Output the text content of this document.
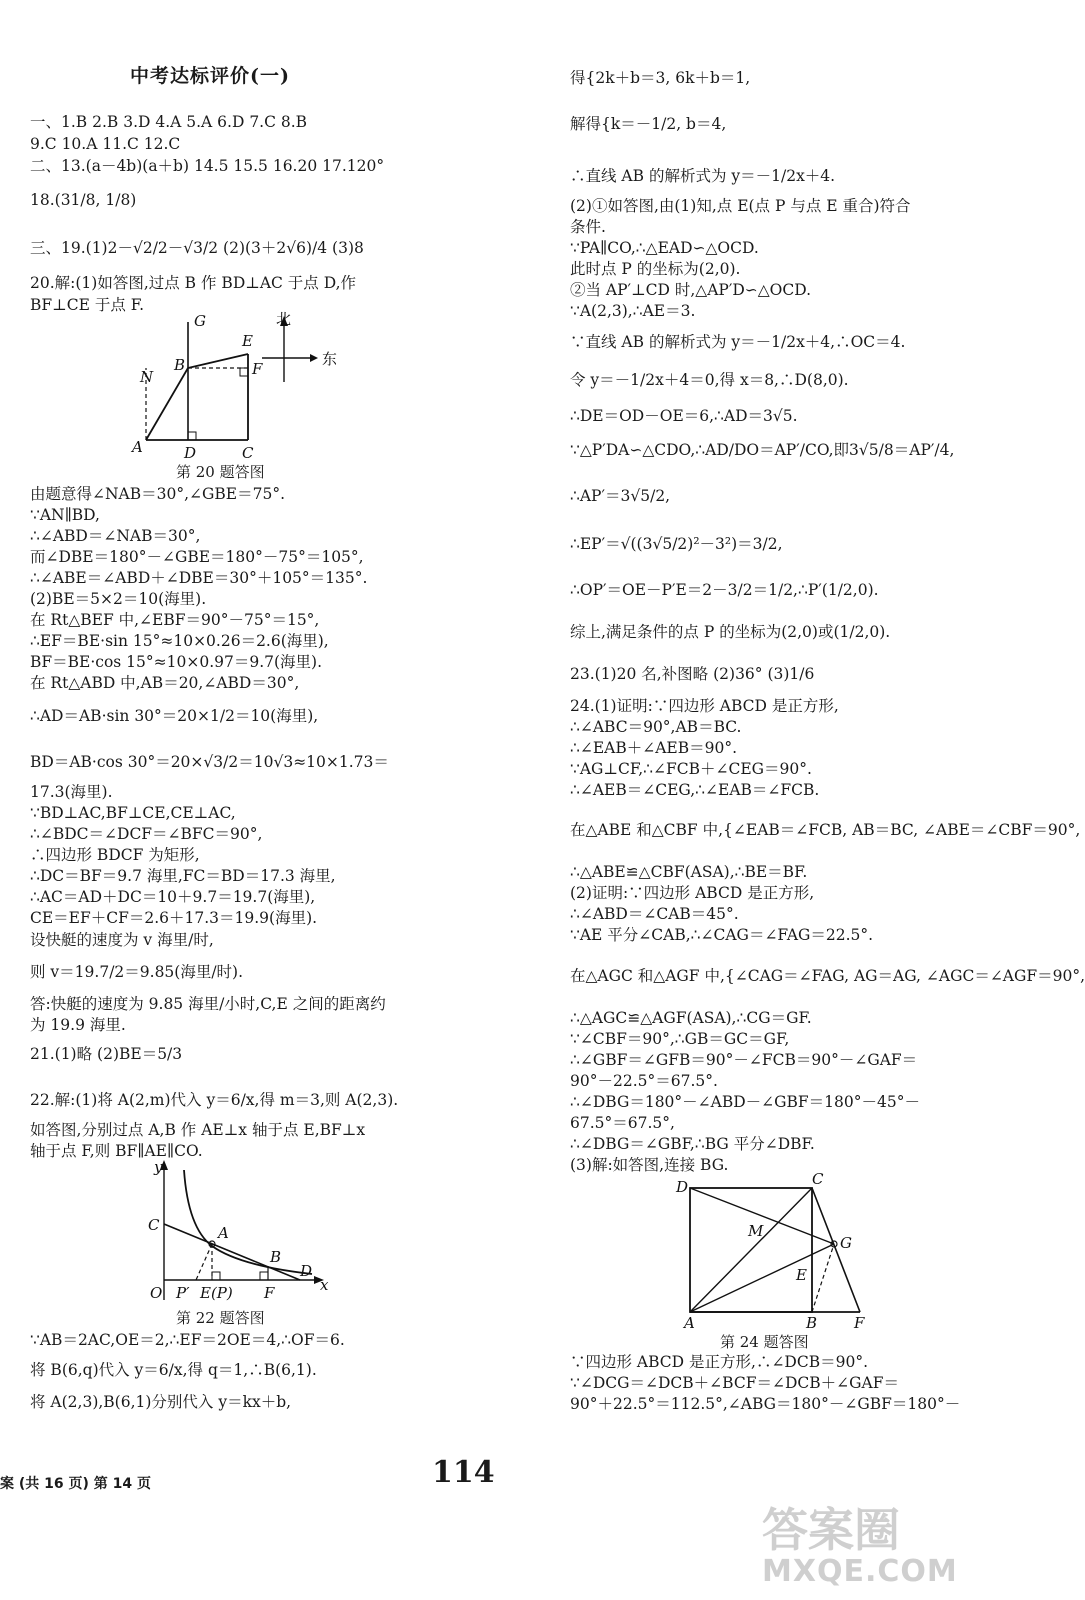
中考达标评价(一)
一、1.B 2.B 3.D 4.A 5.A 6.D 7.C 8.B
9.C 10.A 11.C 12.C
二、13.(a－4b)(a＋b) 14.5 15.5 16.20 17.120°
18.(31/8, 1/8)
三、19.(1)2－√2/2－√3/2 (2)(3＋2√6)/4 (3)8
20.解:(1)如答图,过点 B 作 BD⊥AC 于点 D,作
BF⊥CE 于点 F.
G	北
B
E
F
东
N
A	D	C
第 20 题答图
由题意得∠NAB＝30°,∠GBE＝75°.
∵AN∥BD,
∴∠ABD＝∠NAB＝30°,
而∠DBE＝180°－∠GBE＝180°－75°＝105°,
∴∠ABE＝∠ABD＋∠DBE＝30°＋105°＝135°.
(2)BE＝5×2＝10(海里).
在 Rt△BEF 中,∠EBF＝90°－75°＝15°,
∴EF＝BE·sin 15°≈10×0.26＝2.6(海里),
BF＝BE·cos 15°≈10×0.97＝9.7(海里).
在 Rt△ABD 中,AB＝20,∠ABD＝30°,
∴AD＝AB·sin 30°＝20×1/2＝10(海里),
BD＝AB·cos 30°＝20×√3/2＝10√3≈10×1.73＝
17.3(海里).
∵BD⊥AC,BF⊥CE,CE⊥AC,
∴∠BDC＝∠DCF＝∠BFC＝90°,
∴四边形 BDCF 为矩形,
∴DC＝BF＝9.7 海里,FC＝BD＝17.3 海里,
∴AC＝AD＋DC＝10＋9.7＝19.7(海里),
CE＝EF＋CF＝2.6＋17.3＝19.9(海里).
设快艇的速度为 v 海里/时,
则 v＝19.7/2＝9.85(海里/时).
答:快艇的速度为 9.85 海里/小时,C,E 之间的距离约
为 19.9 海里.
21.(1)略 (2)BE＝5/3
22.解:(1)将 A(2,m)代入 y＝6/x,得 m＝3,则 A(2,3).
如答图,分别过点 A,B 作 AE⊥x 轴于点 E,BF⊥x
轴于点 F,则 BF∥AE∥CO.
y
C	A
B
D
O P′ E(P) F	x
第 22 题答图
∵AB＝2AC,OE＝2,∴EF＝2OE＝4,∴OF＝6.
将 B(6,q)代入 y＝6/x,得 q＝1,∴B(6,1).
将 A(2,3),B(6,1)分别代入 y＝kx＋b,
得{2k＋b＝3, 6k＋b＝1,
解得{k＝－1/2, b＝4,
∴直线 AB 的解析式为 y＝－1/2x＋4.
(2)①如答图,由(1)知,点 E(点 P 与点 E 重合)符合
条件.
∵PA∥CO,∴△EAD∽△OCD.
此时点 P 的坐标为(2,0).
②当 AP′⊥CD 时,△AP′D∽△OCD.
∵A(2,3),∴AE＝3.
∵直线 AB 的解析式为 y＝－1/2x＋4,∴OC＝4.
令 y＝－1/2x＋4＝0,得 x＝8,∴D(8,0).
∴DE＝OD－OE＝6,∴AD＝3√5.
∵△P′DA∽△CDO,∴AD/DO＝AP′/CO,即3√5/8＝AP′/4,
∴AP′＝3√5/2,
∴EP′＝√((3√5/2)²－3²)＝3/2,
∴OP′＝OE－P′E＝2－3/2＝1/2,∴P′(1/2,0).
综上,满足条件的点 P 的坐标为(2,0)或(1/2,0).
23.(1)20 名,补图略 (2)36° (3)1/6
24.(1)证明:∵四边形 ABCD 是正方形,
∴∠ABC＝90°,AB＝BC.
∴∠EAB＋∠AEB＝90°.
∵AG⊥CF,∴∠FCB＋∠CEG＝90°.
∴∠AEB＝∠CEG,∴∠EAB＝∠FCB.
在△ABE 和△CBF 中,{∠EAB＝∠FCB, AB＝BC, ∠ABE＝∠CBF＝90°,
∴△ABE≌△CBF(ASA),∴BE＝BF.
(2)证明:∵四边形 ABCD 是正方形,
∴∠ABD＝∠CAB＝45°.
∵AE 平分∠CAB,∴∠CAG＝∠FAG＝22.5°.
在△AGC 和△AGF 中,{∠CAG＝∠FAG, AG＝AG, ∠AGC＝∠AGF＝90°,
∴△AGC≌△AGF(ASA),∴CG＝GF.
∵∠CBF＝90°,∴GB＝GC＝GF,
∴∠GBF＝∠GFB＝90°－∠FCB＝90°－∠GAF＝
90°－22.5°＝67.5°.
∴∠DBG＝180°－∠ABD－∠GBF＝180°－45°－
67.5°＝67.5°,
∴∠DBG＝∠GBF,∴BG 平分∠DBF.
(3)解:如答图,连接 BG.
D	C
M
G
E
A	B F
第 24 题答图
∵四边形 ABCD 是正方形,∴∠DCB＝90°.
∵∠DCG＝∠DCB＋∠BCF＝∠DCB＋∠GAF＝
90°＋22.5°＝112.5°,∠ABG＝180°－∠GBF＝180°－
案 (共 16 页) 第 14 页	114
答案圈
MXQE.COM
